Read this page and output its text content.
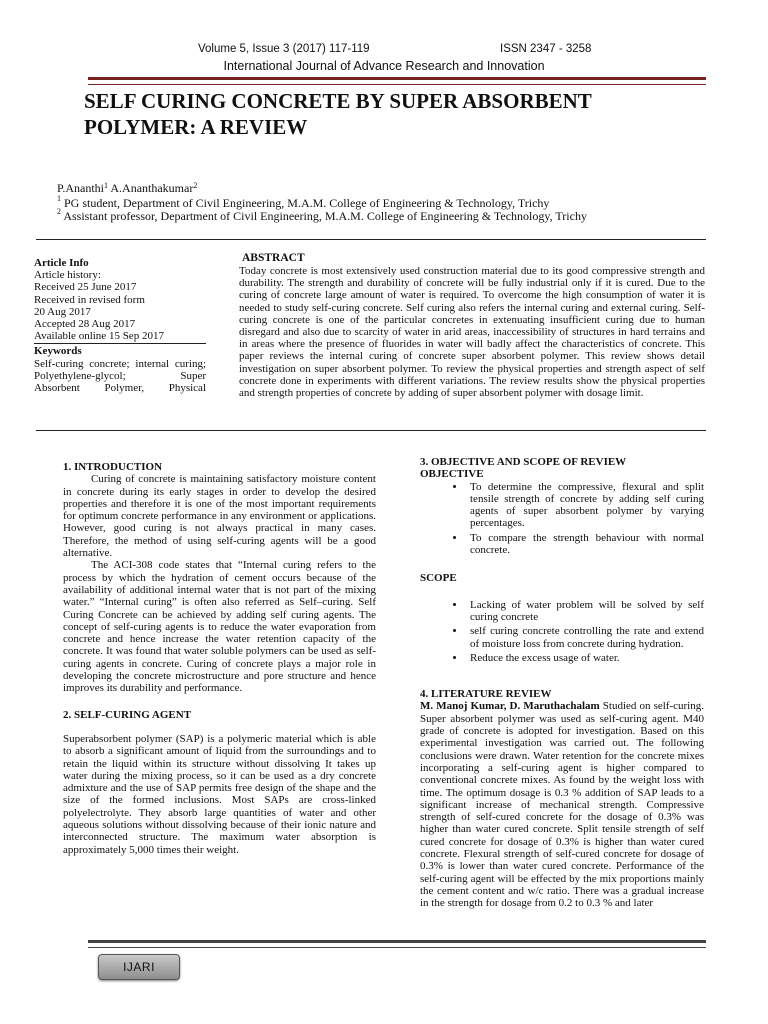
Volume 5, Issue 3 (2017) 117-119	ISSN 2347 - 3258
International Journal of Advance Research and Innovation
SELF CURING CONCRETE BY SUPER ABSORBENT
POLYMER: A REVIEW
P.Ananthi$^1$ A.Ananthakumar$^2$
$^1$ PG student, Department of Civil Engineering, M.A.M. College of Engineering & Technology, Trichy
$^2$ Assistant professor, Department of Civil Engineering, M.A.M. College of Engineering & Technology, Trichy
Article Info
Article history:
Received 25 June 2017
Received in revised form
20 Aug 2017
Accepted 28 Aug 2017
Available online 15 Sep 2017
Keywords
Self-curing concrete; internal curing;
Polyethylene-glycol; Super
Absorbent Polymer, Physical
ABSTRACT
Today concrete is most extensively used construction material due to its good compressive strength and durability. The strength and durability of concrete will be fully industrial only if it is cured. Due to the curing of concrete large amount of water is required. To overcome the high consumption of water it is needed to study self-curing concrete. Self curing also refers the internal curing and external curing. Self-curing concrete is one of the particular concretes in extenuating insufficient curing due to human disregard and also due to scarcity of water in arid areas, inaccessibility of structures in hard terrains and in areas where the presence of fluorides in water will badly affect the characteristics of concrete. This paper reviews the internal curing of concrete super absorbent polymer. This review shows detail investigation on super absorbent polymer. To review the physical properties and strength aspect of self concrete done in experiments with different variations. The review results show the physical properties and strength properties of concrete by adding of super absorbent polymer with dosage limit.

1. INTRODUCTION

Curing of concrete is maintaining satisfactory moisture content in concrete during its early stages in order to develop the desired properties and therefore it is one of the most important requirements for optimum concrete performance in any environment or applications. However, good curing is not always practical in many cases. Therefore, the method of using self-curing agents will be a good alternative.

The ACI-308 code states that “Internal curing refers to the process by which the hydration of cement occurs because of the availability of additional internal water that is not part of the mixing water.” “Internal curing” is often also referred as Self–curing. Self Curing Concrete can be achieved by adding self curing agents. The concept of self-curing agents is to reduce the water evaporation from concrete and hence increase the water retention capacity of the concrete. It was found that water soluble polymers can be used as self-curing agents in concrete. Curing of concrete plays a major role in developing the concrete microstructure and pore structure and hence improves its durability and performance.

2. SELF-CURING AGENT

Superabsorbent polymer (SAP) is a polymeric material which is able to absorb a significant amount of liquid from the surroundings and to retain the liquid within its structure without dissolving It takes up water during the mixing process, so it can be used as a dry concrete admixture and the use of SAP permits free design of the shape and the size of the formed inclusions. Most SAPs are cross-linked polyelectrolyte. They absorb large quantities of water and other aqueous solutions without dissolving because of their ionic nature and interconnected structure. The maximum water absorption is approximately 5,000 times their weight.

3. OBJECTIVE AND SCOPE OF REVIEW

OBJECTIVE

• To determine the compressive, flexural and split tensile strength of concrete by adding self curing agents of super absorbent polymer by varying percentages.
• To compare the strength behaviour with normal concrete.

SCOPE

• Lacking of water problem will be solved by self curing concrete
• self curing concrete controlling the rate and extend of moisture loss from concrete during hydration.
• Reduce the excess usage of water.

4. LITERATURE REVIEW

M. Manoj Kumar, D. Maruthachalam Studied on self-curing. Super absorbent polymer was used as self-curing agent. M40 grade of concrete is adopted for investigation. Based on this experimental investigation was carried out. The following conclusions were drawn. Water retention for the concrete mixes incorporating a self-curing agent is higher compared to conventional concrete mixes. As found by the weight loss with time. The optimum dosage is 0.3 % addition of SAP leads to a significant increase of mechanical strength. Compressive strength of self-cured concrete for the dosage of 0.3% was higher than water cured concrete. Split tensile strength of self cured concrete for dosage of 0.3% is higher than water cured concrete. Flexural strength of self-cured concrete for dosage of 0.3% is lower than water cured concrete. Performance of the self-curing agent will be effected by the mix proportions mainly the cement content and w/c ratio. There was a gradual increase in the strength for dosage from 0.2 to 0.3 % and later

IJARI
